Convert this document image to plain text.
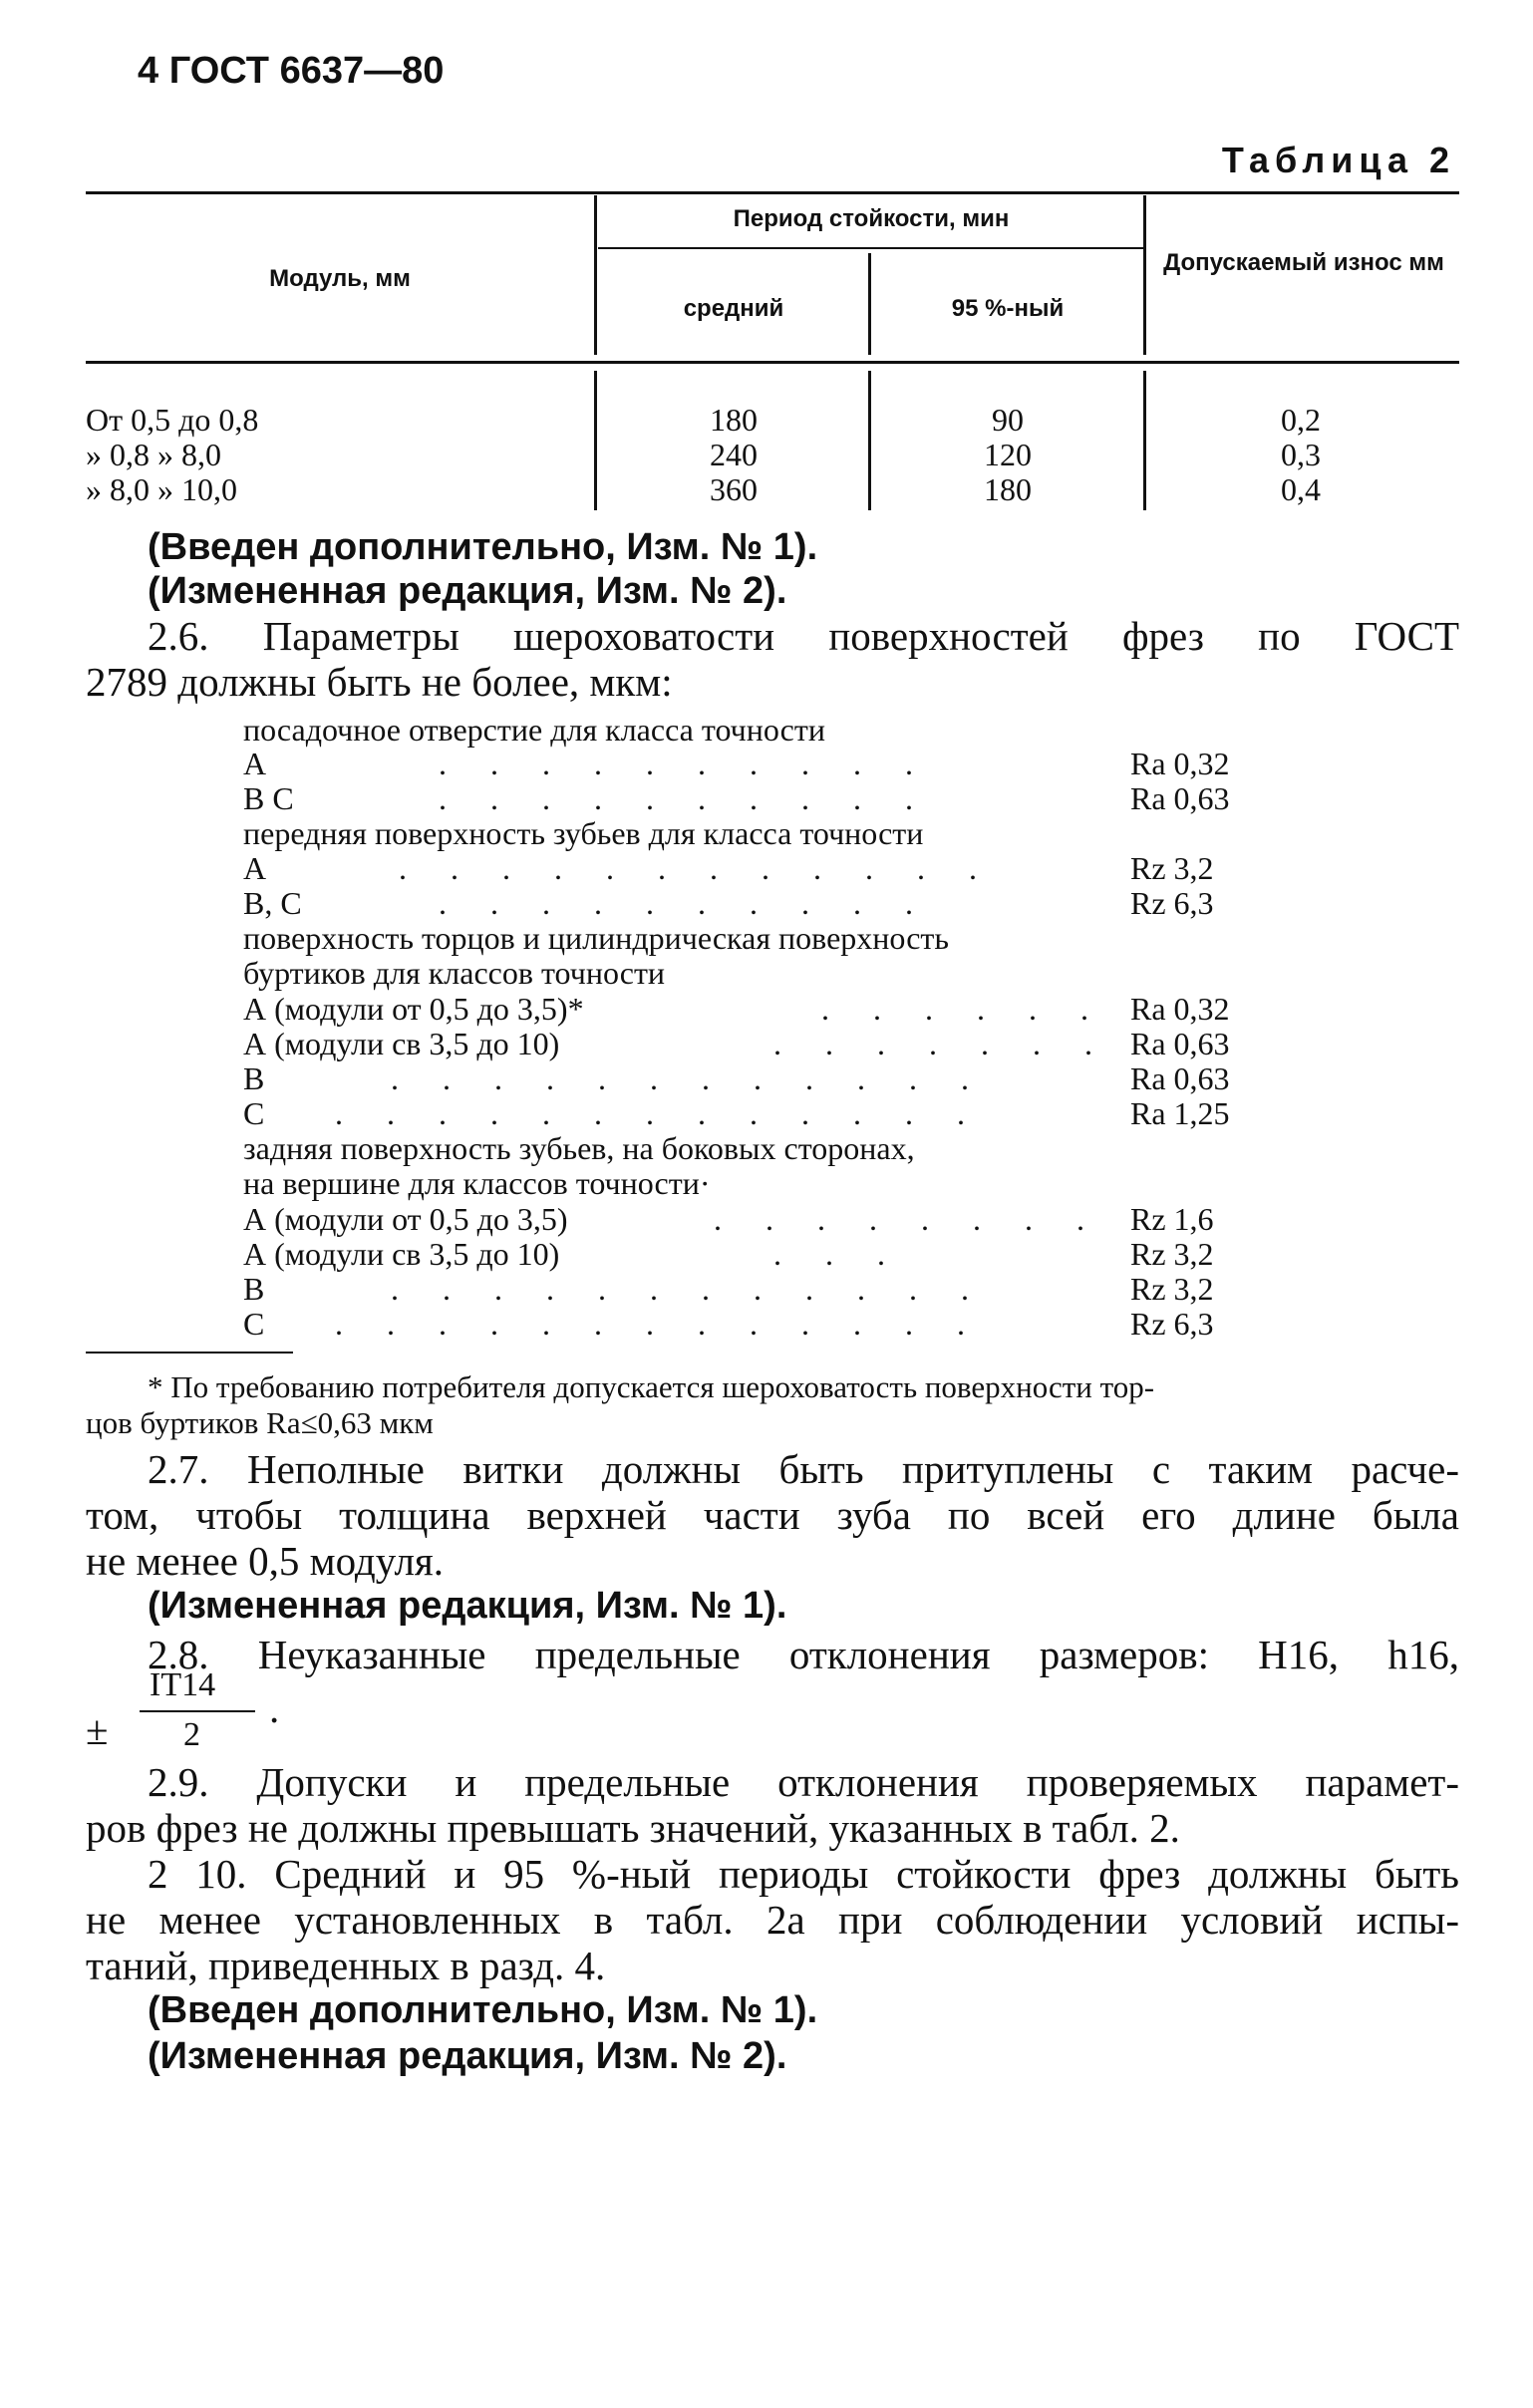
4 ГОСТ 6637—80
Таблица 2
Модуль, мм
Период стойкости, мин
средний	95 %-ный
Допускаемый износ мм
От 0,5 до 0,8	180	90	0,2
» 0,8 » 8,0	240	120	0,3
» 8,0 » 10,0	360	180	0,4
(Введен дополнительно, Изм. № 1).
(Измененная редакция, Изм. № 2).
2.6. Параметры шероховатости поверхностей фрез по ГОСТ
2789 должны быть не более, мкм:
посадочное отверстие для класса точности
А	. . . . . . . . . .	Ra 0,32
В С	. . . . . . . . . .	Ra 0,63
передняя поверхность зубьев для класса точности
А	. . . . . . . . . . . .	Rz 3,2
В, С	. . . . . . . . . .	Rz 6,3
поверхность торцов и цилиндрическая поверхность
буртиков для классов точности
А (модули от 0,5 до 3,5)*	. . . . . . Ra 0,32
А (модули св 3,5 до 10)	. . . . . . . Ra 0,63
В	. . . . . . . . . . . .	Ra 0,63
С . . . . . . . . . . . . .	Ra 1,25
задняя поверхность зубьев, на боковых сторонах,
на вершине для классов точности·
А (модули от 0,5 до 3,5)	. . . . . . . . Rz 1,6
А (модули св 3,5 до 10)	. . .	Rz 3,2
В	. . . . . . . . . . . .	Rz 3,2
С . . . . . . . . . . . . .	Rz 6,3
* По требованию потребителя допускается шероховатость поверхности тор-
цов буртиков Ra≤0,63 мкм
2.7. Неполные витки должны быть притуплены с таким расче-
том, чтобы толщина верхней части зуба по всей его длине была
не менее 0,5 модуля.
(Измененная редакция, Изм. № 1).
2.8. Неуказанные предельные отклонения размеров: Н16, h16,
±
IT14
2
.
2.9. Допуски и предельные отклонения проверяемых парамет-
ров фрез не должны превышать значений, указанных в табл. 2.
2 10. Средний и 95 %-ный периоды стойкости фрез должны быть
не менее установленных в табл. 2а при соблюдении условий испы-
таний, приведенных в разд. 4.
(Введен дополнительно, Изм. № 1).
(Измененная редакция, Изм. № 2).
